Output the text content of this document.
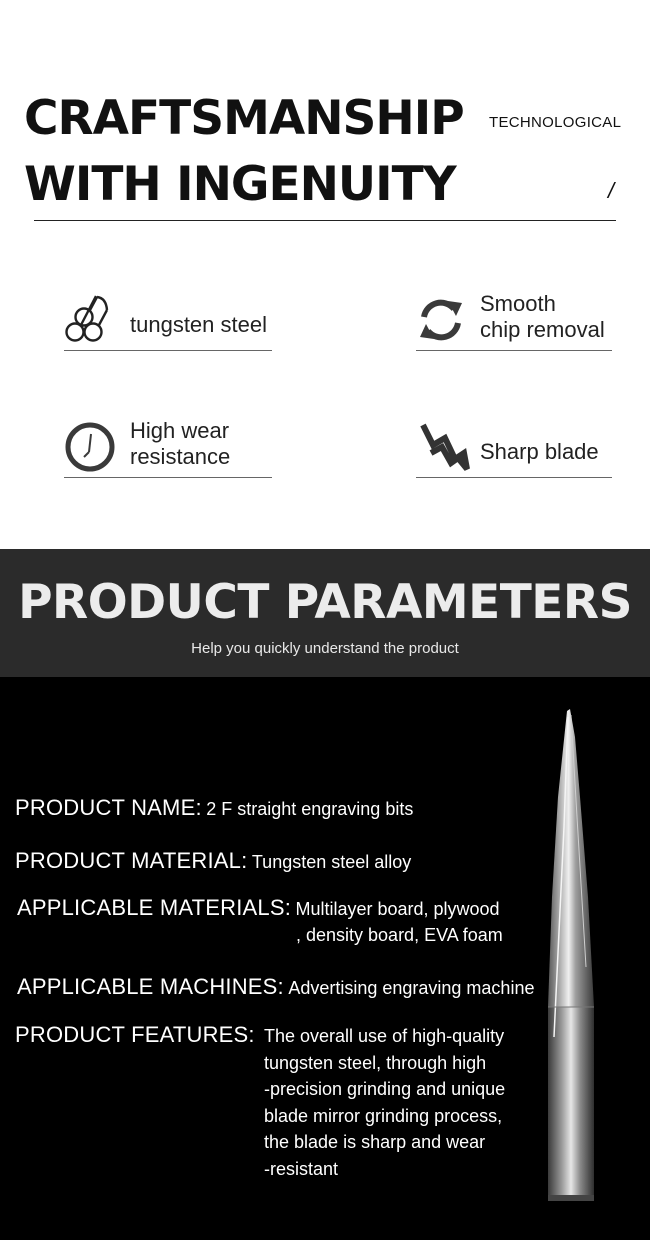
CRAFTSMANSHIP
WITH INGENUITY
TECHNOLOGICAL
/
tungsten steel
Smooth
chip removal
High wear
resistance	Sharp blade
PRODUCT PARAMETERS
Help you quickly understand the product
PRODUCT NAME: 2 F straight engraving bits
PRODUCT MATERIAL: Tungsten steel alloy
APPLICABLE MATERIALS: Multilayer board, plywood
, density board, EVA foam
APPLICABLE MACHINES: Advertising engraving machine
PRODUCT FEATURES: The overall use of high-quality
tungsten steel, through high
-precision grinding and unique
blade mirror grinding process,
the blade is sharp and wear
-resistant
